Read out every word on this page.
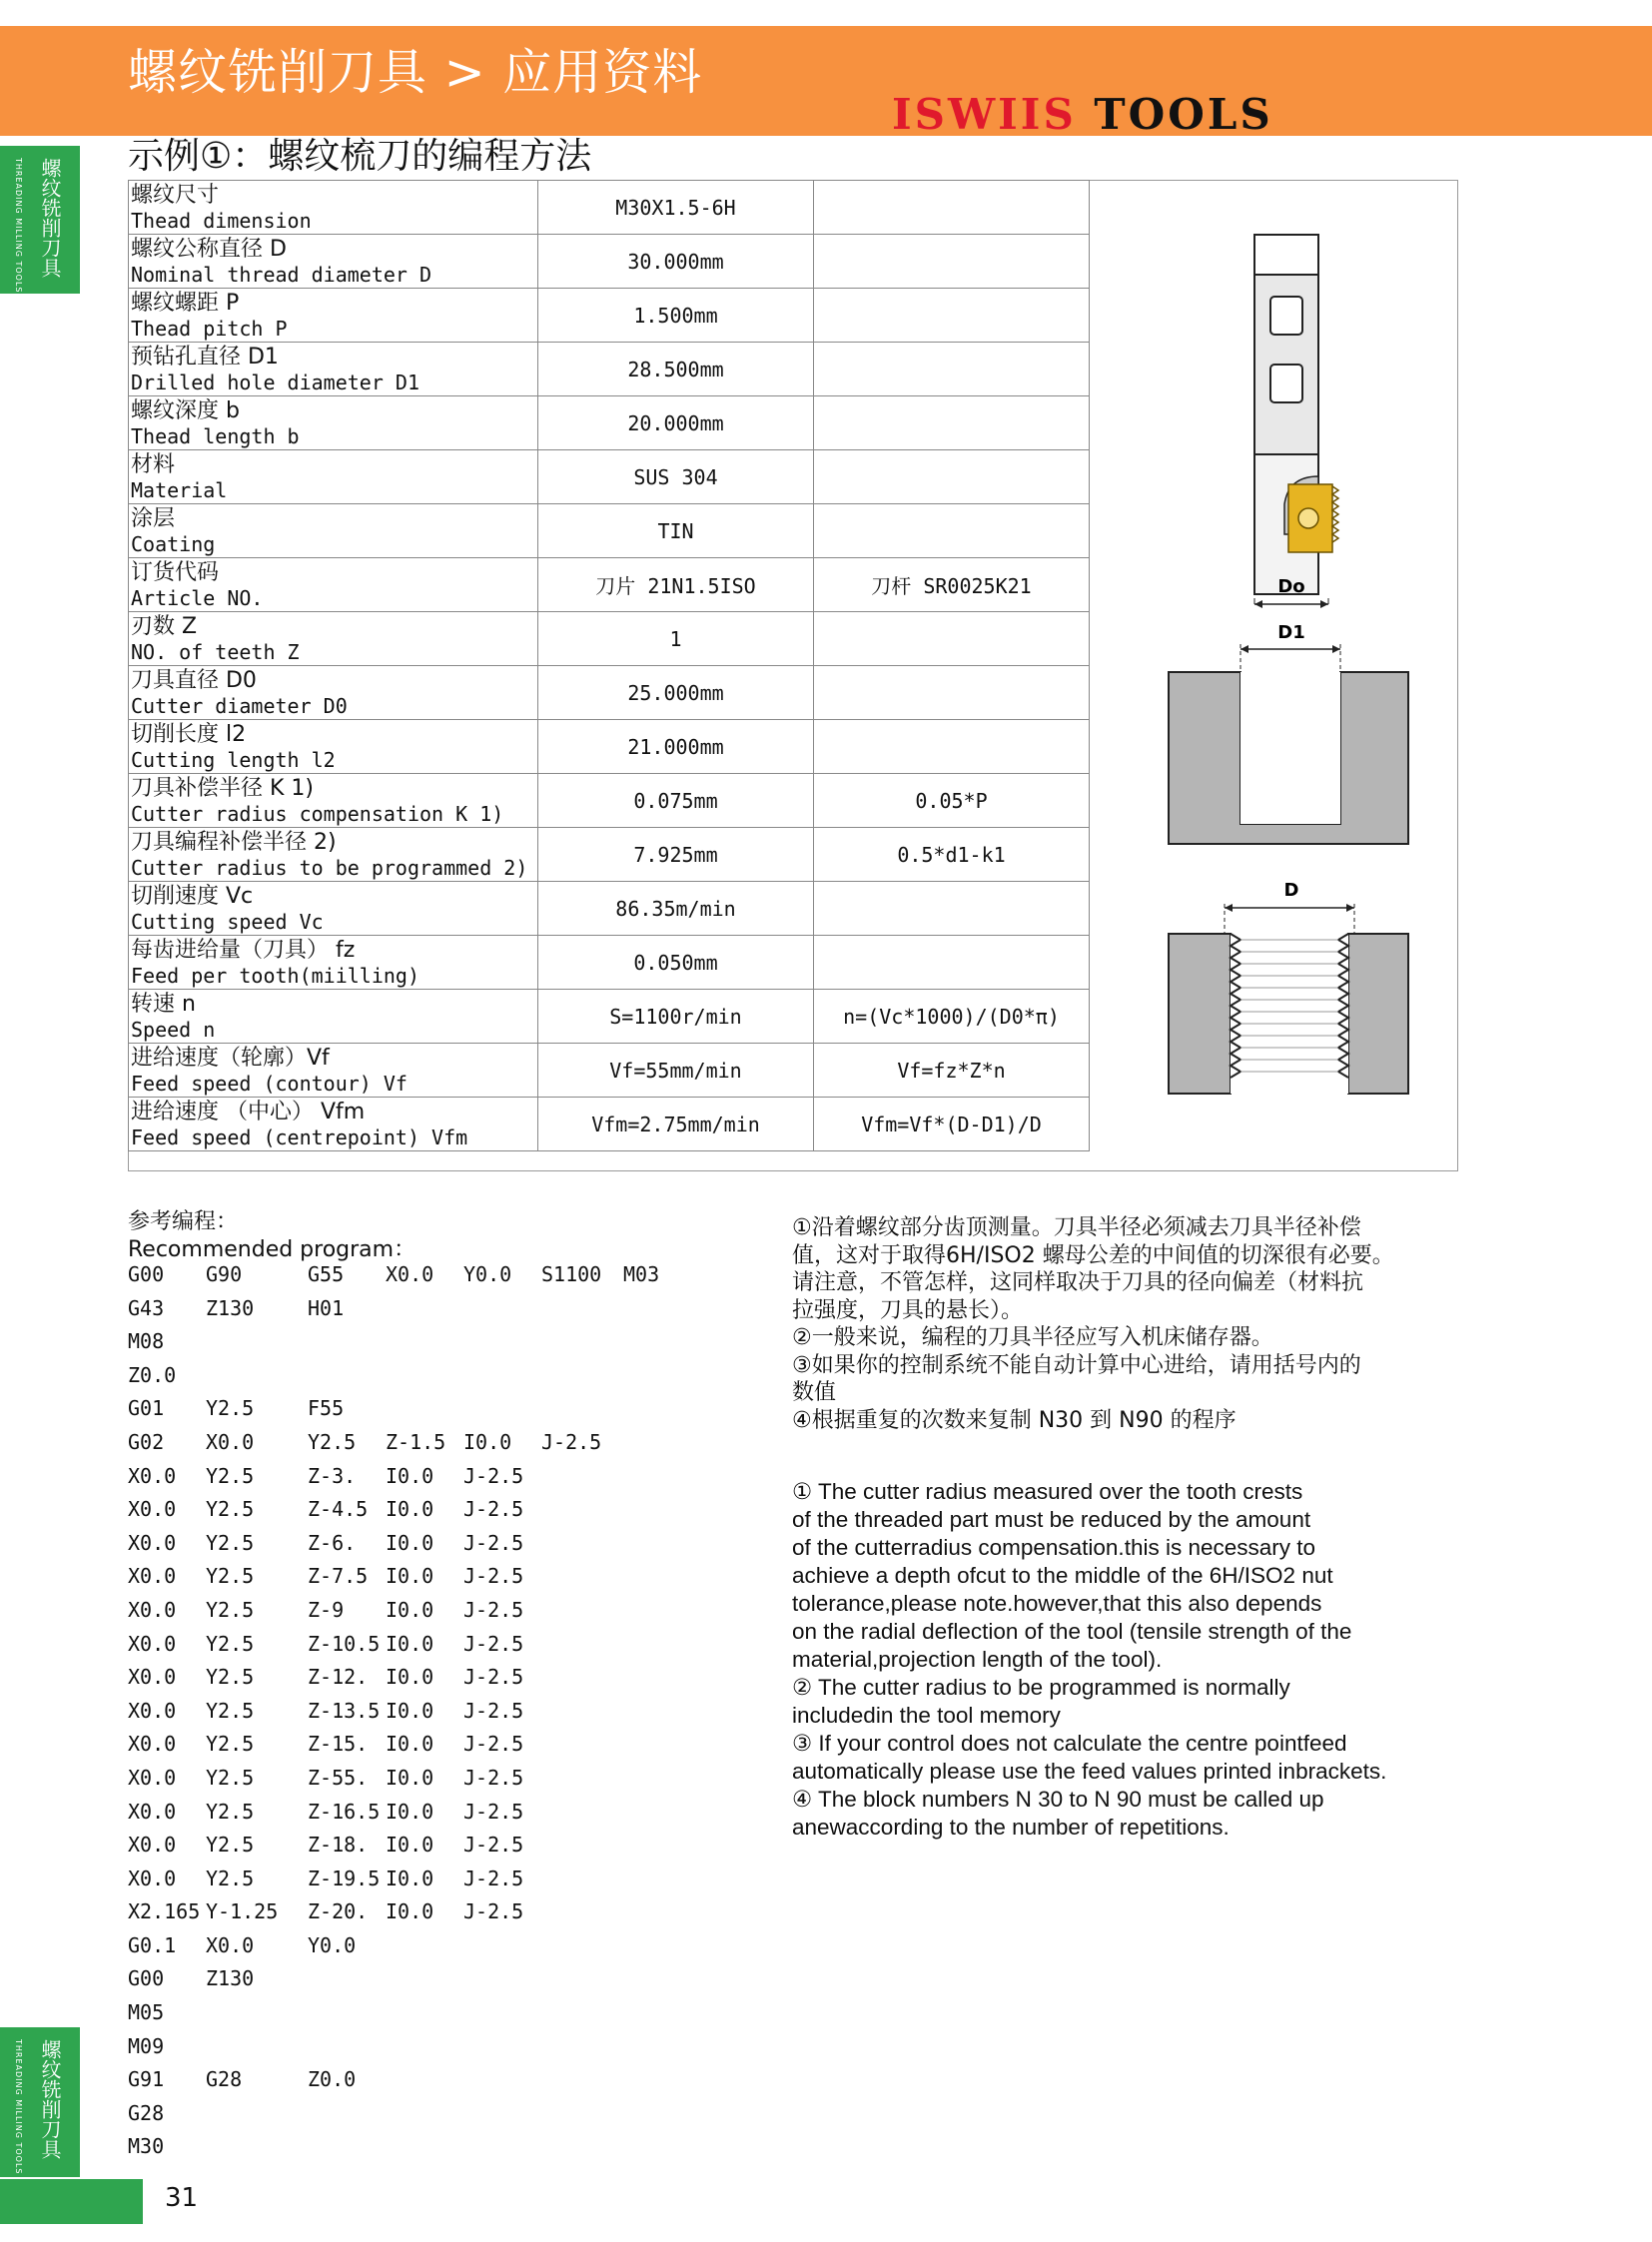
螺纹铣削刀具 > 应用资料
ISWIIS TOOLS
螺纹铣削刀具
THREADING MILLING TOOLS
螺纹铣削刀具
THREADING MILLING TOOLS
示例①：螺纹梳刀的编程方法
螺纹尺寸
Thead dimension	M30X1.5-6H	

螺纹公称直径 D
Nominal thread diameter D	30.000mm	

螺纹螺距 P
Thead pitch P	1.500mm	

预钻孔直径 D1
Drilled hole diameter D1	28.500mm	

螺纹深度 b
Thead length b	20.000mm	

材料
Material	SUS 304	

涂层
Coating	TIN	

订货代码
Article NO.	刀片 21N1.5ISO	刀杆 SR0025K21

刃数 Z
NO. of teeth Z	1	

刀具直径 D0
Cutter diameter D0	25.000mm	

切削长度 l2
Cutting length l2	21.000mm	

刀具补偿半径 K 1)
Cutter radius compensation K 1)	0.075mm	0.05*P

刀具编程补偿半径 2)
Cutter radius to be programmed 2)	7.925mm	0.5*d1-k1

切削速度 Vc
Cutting speed Vc	86.35m/min	

每齿进给量（刀具） fz
Feed per tooth(miilling)	0.050mm	

转速 n
Speed n	S=1100r/min	n=(Vc*1000)/(D0*π)

进给速度（轮廓）Vf
Feed speed (contour) Vf	Vf=55mm/min	Vf=fz*Z*n

进给速度 （中心） Vfm
Feed speed (centrepoint) Vfm	Vfm=2.75mm/min	Vfm=Vf*(D-D1)/D
Do
D1
D
参考编程：
Recommended program：
G00 G90	G55 X0.0 Y0.0 S1100 M03
G43 Z130	H01
M08
Z0.0
G01 Y2.5	F55
G02 X0.0	Y2.5 Z-1.5 I0.0 J-2.5
X0.0 Y2.5	Z-3. I0.0 J-2.5
X0.0 Y2.5	Z-4.5 I0.0 J-2.5
X0.0 Y2.5	Z-6. I0.0 J-2.5
X0.0 Y2.5	Z-7.5 I0.0 J-2.5
X0.0 Y2.5	Z-9 I0.0 J-2.5
X0.0 Y2.5	Z-10.5 I0.0 J-2.5
X0.0 Y2.5	Z-12. I0.0 J-2.5
X0.0 Y2.5	Z-13.5 I0.0 J-2.5
X0.0 Y2.5	Z-15. I0.0 J-2.5
X0.0 Y2.5	Z-55. I0.0 J-2.5
X0.0 Y2.5	Z-16.5 I0.0 J-2.5
X0.0 Y2.5	Z-18. I0.0 J-2.5
X0.0 Y2.5	Z-19.5 I0.0 J-2.5
X2.165 Y-1.25 Z-20. I0.0 J-2.5
G0.1 X0.0	Y0.0
G00 Z130
M05
M09
G91 G28	Z0.0
G28
M30
①沿着螺纹部分齿顶测量。刀具半径必须减去刀具半径补偿
值，这对于取得6H/ISO2 螺母公差的中间值的切深很有必要。
请注意，不管怎样，这同样取决于刀具的径向偏差（材料抗
拉强度，刀具的悬长）。
②一般来说，编程的刀具半径应写入机床储存器。
③如果你的控制系统不能自动计算中心进给，请用括号内的
数值
④根据重复的次数来复制 N30 到 N90 的程序
① The cutter radius measured over the tooth crests
of the threaded part must be reduced by the amount
of the cutterradius compensation.this is necessary to
achieve a depth ofcut to the middle of the 6H/ISO2 nut
tolerance,please note.however,that this also depends
on the radial deflection of the tool (tensile strength of the
material,projection length of the tool).
② The cutter radius to be programmed is normally
includedin the tool memory
③ If your control does not calculate the centre pointfeed
automatically please use the feed values printed inbrackets.
④ The block numbers N 30 to N 90 must be called up
anewaccording to the number of repetitions.
31
